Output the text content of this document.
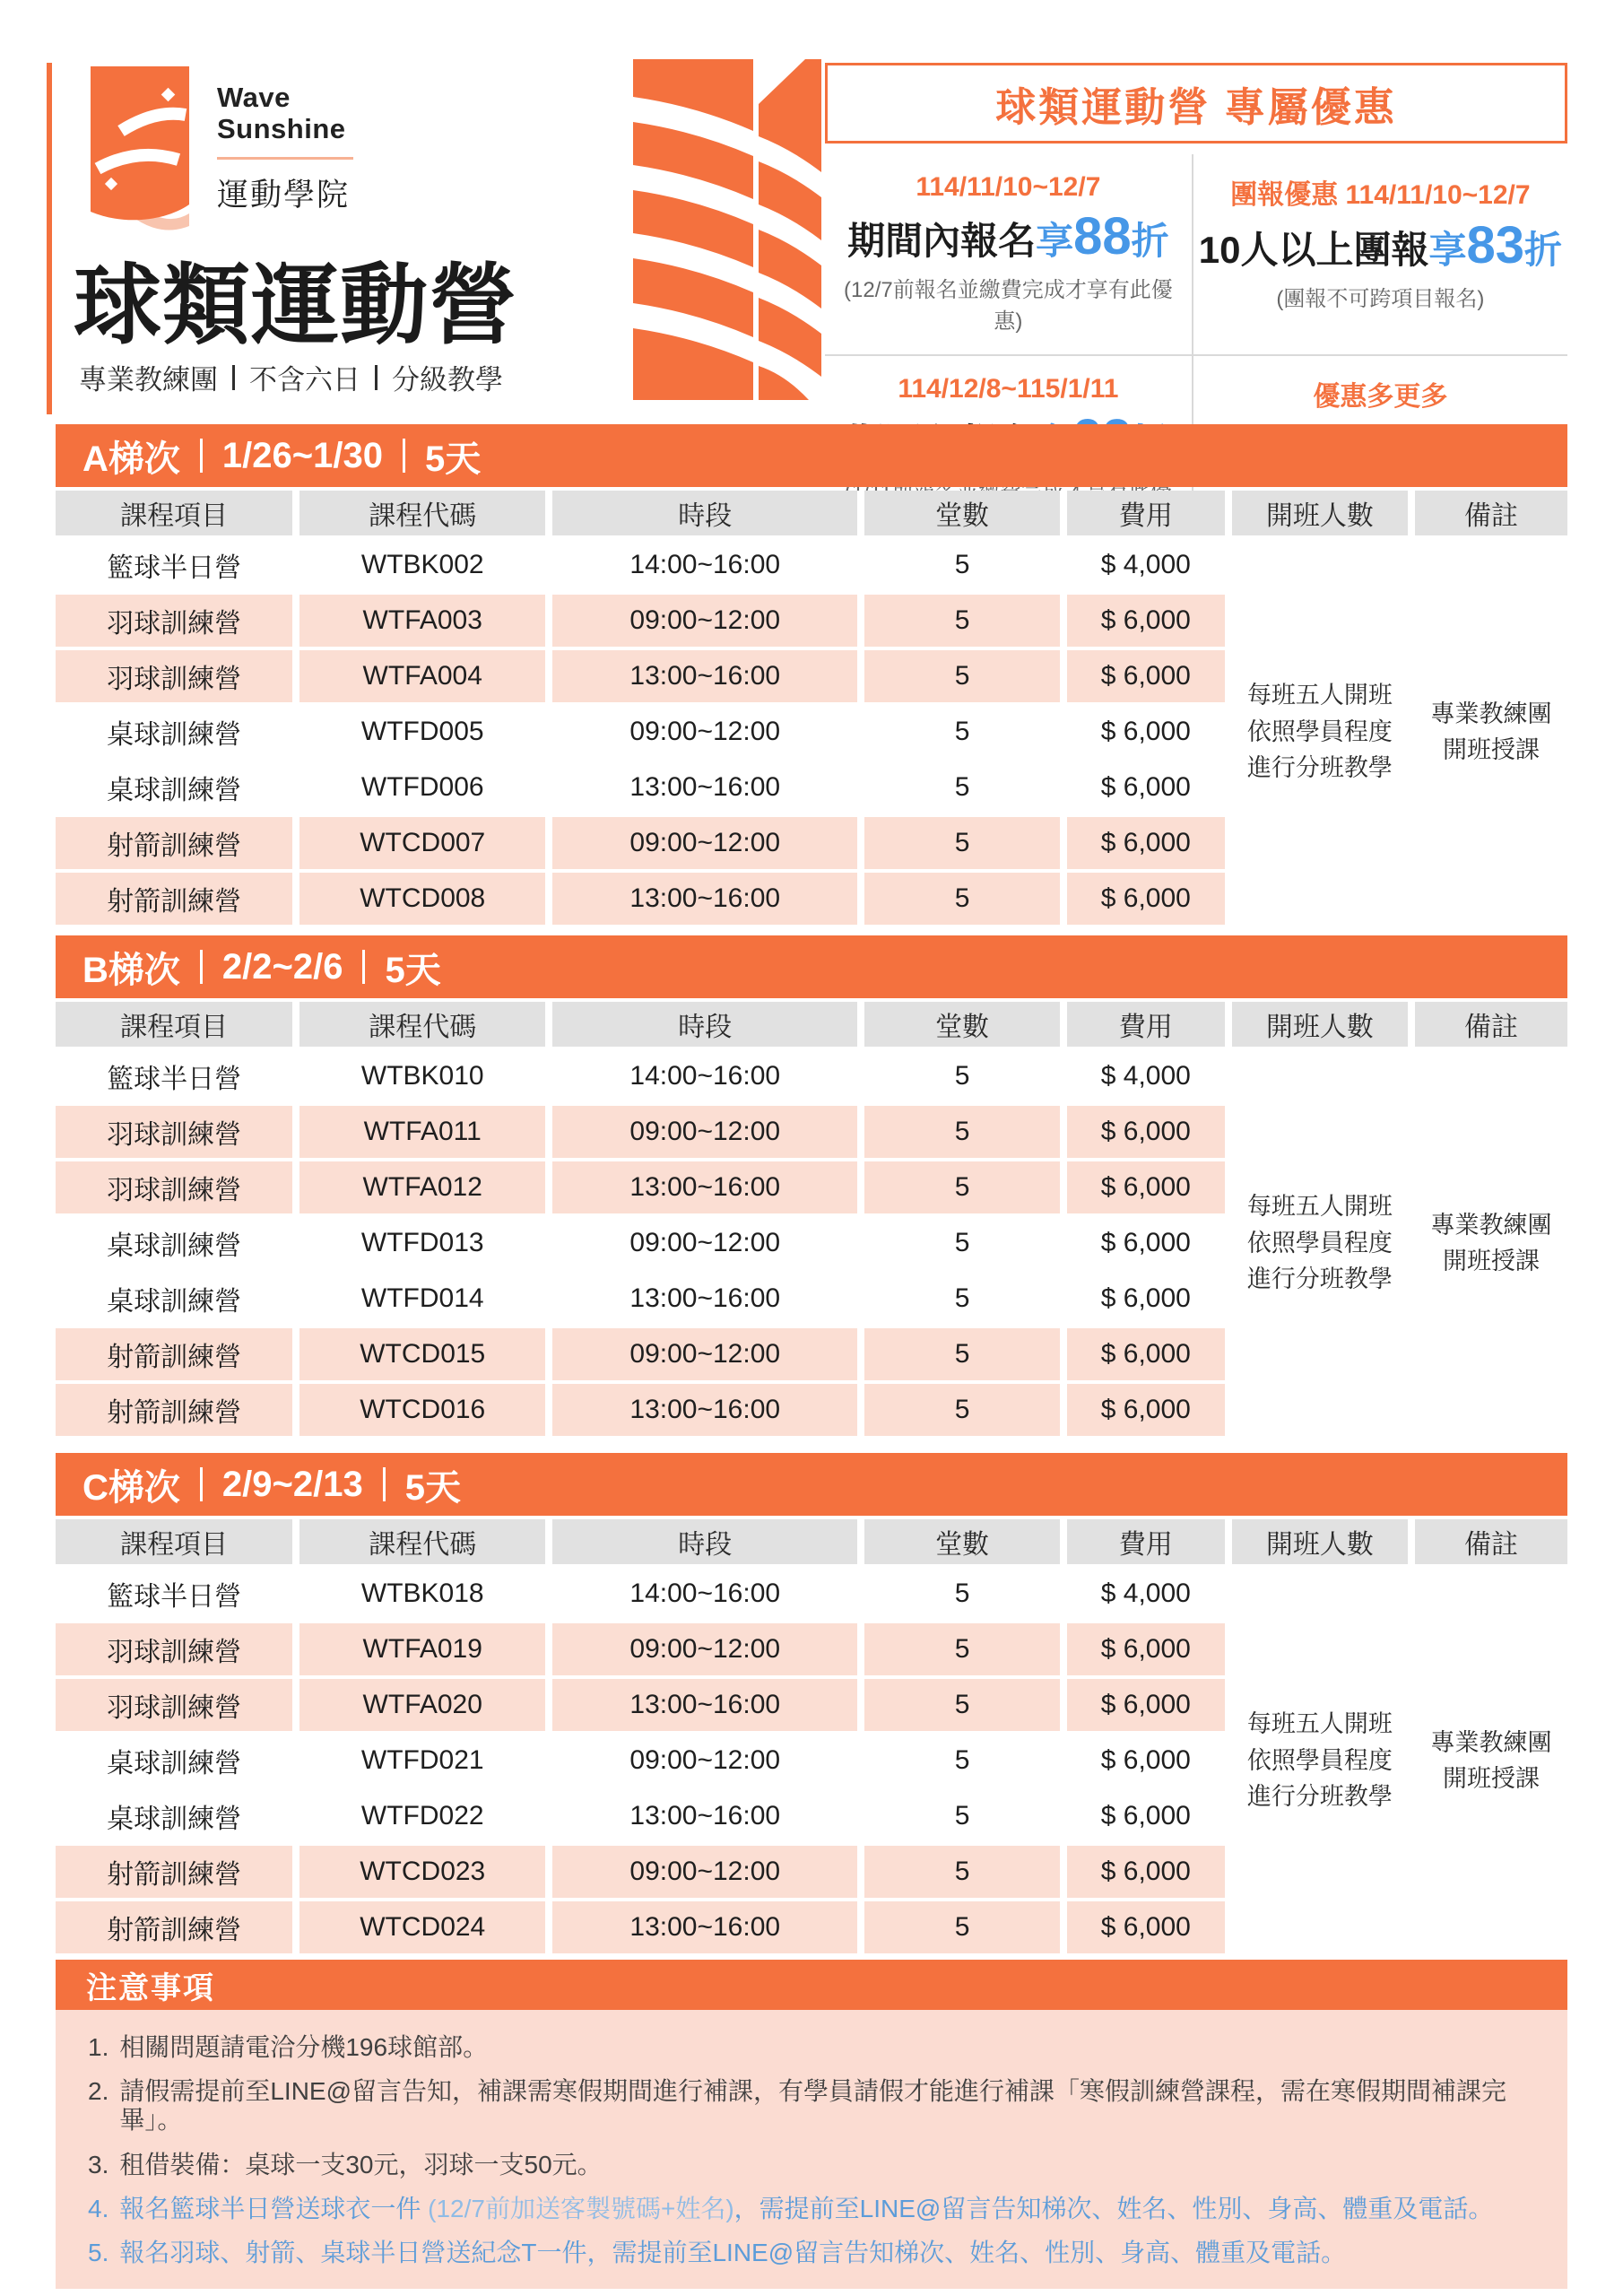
Wave
Sunshine
運動學院
球類運動營
專業教練團 不含六日 分級教學
球類運動營 專屬優惠
114/11/10~12/7
期間內報名享88折
(12/7前報名並繳費完成才享有此優惠)
團報優惠 114/11/10~12/7
10人以上團報享83折
(團報不可跨項目報名)
114/12/8~115/1/11	優惠多更多
A梯次 1/26~1/30 5天
課程項目	課程代碼	時段	堂數	費用	開班人數	備註
每班五人開班
依照學員程度
進行分班教學
專業教練團
開班授課
籃球半日營	WTBK002	14:00~16:00	5	$ 4,000
羽球訓練營	WTFA003	09:00~12:00	5	$ 6,000
羽球訓練營	WTFA004	13:00~16:00	5	$ 6,000
桌球訓練營	WTFD005	09:00~12:00	5	$ 6,000
桌球訓練營	WTFD006	13:00~16:00	5	$ 6,000
射箭訓練營	WTCD007	09:00~12:00	5	$ 6,000
射箭訓練營	WTCD008	13:00~16:00	5	$ 6,000
B梯次 2/2~2/6 5天
課程項目	課程代碼	時段	堂數	費用	開班人數	備註
每班五人開班
依照學員程度
進行分班教學
專業教練團
開班授課
籃球半日營	WTBK010	14:00~16:00	5	$ 4,000
羽球訓練營	WTFA011	09:00~12:00	5	$ 6,000
羽球訓練營	WTFA012	13:00~16:00	5	$ 6,000
桌球訓練營	WTFD013	09:00~12:00	5	$ 6,000
桌球訓練營	WTFD014	13:00~16:00	5	$ 6,000
射箭訓練營	WTCD015	09:00~12:00	5	$ 6,000
射箭訓練營	WTCD016	13:00~16:00	5	$ 6,000
C梯次 2/9~2/13 5天
課程項目	課程代碼	時段	堂數	費用	開班人數	備註
每班五人開班
依照學員程度
進行分班教學
專業教練團
開班授課
籃球半日營	WTBK018	14:00~16:00	5	$ 4,000
羽球訓練營	WTFA019	09:00~12:00	5	$ 6,000
羽球訓練營	WTFA020	13:00~16:00	5	$ 6,000
桌球訓練營	WTFD021	09:00~12:00	5	$ 6,000
桌球訓練營	WTFD022	13:00~16:00	5	$ 6,000
射箭訓練營	WTCD023	09:00~12:00	5	$ 6,000
射箭訓練營	WTCD024	13:00~16:00	5	$ 6,000
注意事項
1. 相關問題請電洽分機196球館部。
2. 請假需提前至LINE@留言告知，補課需寒假期間進行補課，有學員請假才能進行補課「寒假訓練營課程，需在寒假期間補課完畢」。
3. 租借裝備：桌球一支30元，羽球一支50元。
4. 報名籃球半日營送球衣一件 (12/7前加送客製號碼+姓名)，需提前至LINE@留言告知梯次、姓名、性別、身高、體重及電話。
5. 報名羽球、射箭、桌球半日營送紀念T一件，需提前至LINE@留言告知梯次、姓名、性別、身高、體重及電話。
